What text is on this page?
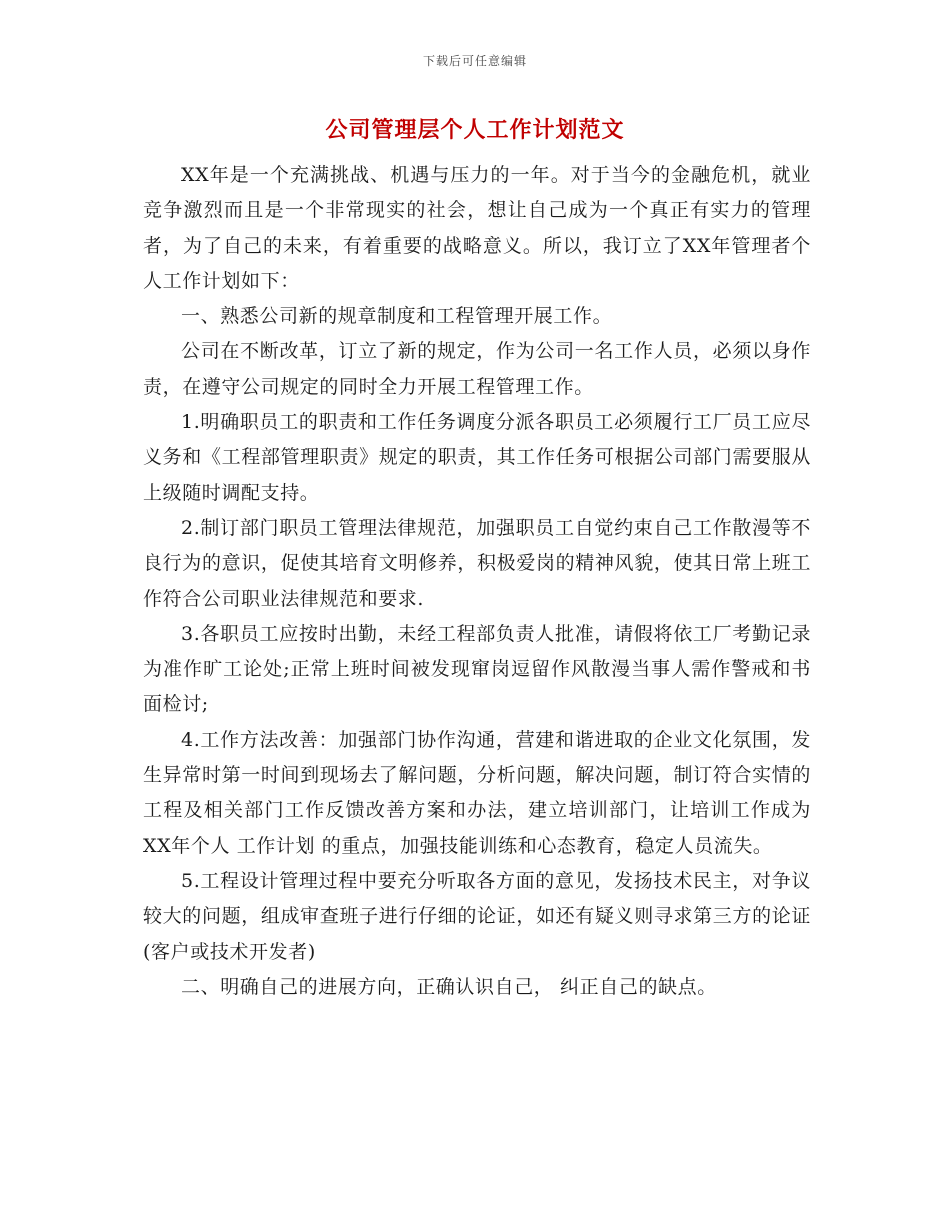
下载后可任意编辑
公司管理层个人工作计划范文

XX年是一个充满挑战、机遇与压力的一年。对于当今的金融危机，就业竞争激烈而且是一个非常现实的社会，想让自己成为一个真正有实力的管理者，为了自己的未来，有着重要的战略意义。所以，我订立了XX年管理者个人工作计划如下：

一、熟悉公司新的规章制度和工程管理开展工作。

公司在不断改革，订立了新的规定，作为公司一名工作人员，必须以身作责，在遵守公司规定的同时全力开展工程管理工作。

1.明确职员工的职责和工作任务调度分派各职员工必须履行工厂员工应尽义务和《工程部管理职责》规定的职责，其工作任务可根据公司部门需要服从上级随时调配支持。

2.制订部门职员工管理法律规范，加强职员工自觉约束自己工作散漫等不良行为的意识，促使其培育文明修养，积极爱岗的精神风貌，使其日常上班工作符合公司职业法律规范和要求.

3.各职员工应按时出勤，未经工程部负责人批准，请假将依工厂考勤记录为准作旷工论处;正常上班时间被发现窜岗逗留作风散漫当事人需作警戒和书面检讨;

4.工作方法改善：加强部门协作沟通，营建和谐进取的企业文化氛围，发生异常时第一时间到现场去了解问题，分析问题，解决问题，制订符合实情的工程及相关部门工作反馈改善方案和办法，建立培训部门，让培训工作成为XX年个人 工作计划 的重点，加强技能训练和心态教育，稳定人员流失。

5.工程设计管理过程中要充分听取各方面的意见，发扬技术民主，对争议较大的问题，组成审查班子进行仔细的论证，如还有疑义则寻求第三方的论证(客户或技术开发者)

二、明确自己的进展方向，正确认识自己， 纠正自己的缺点。
